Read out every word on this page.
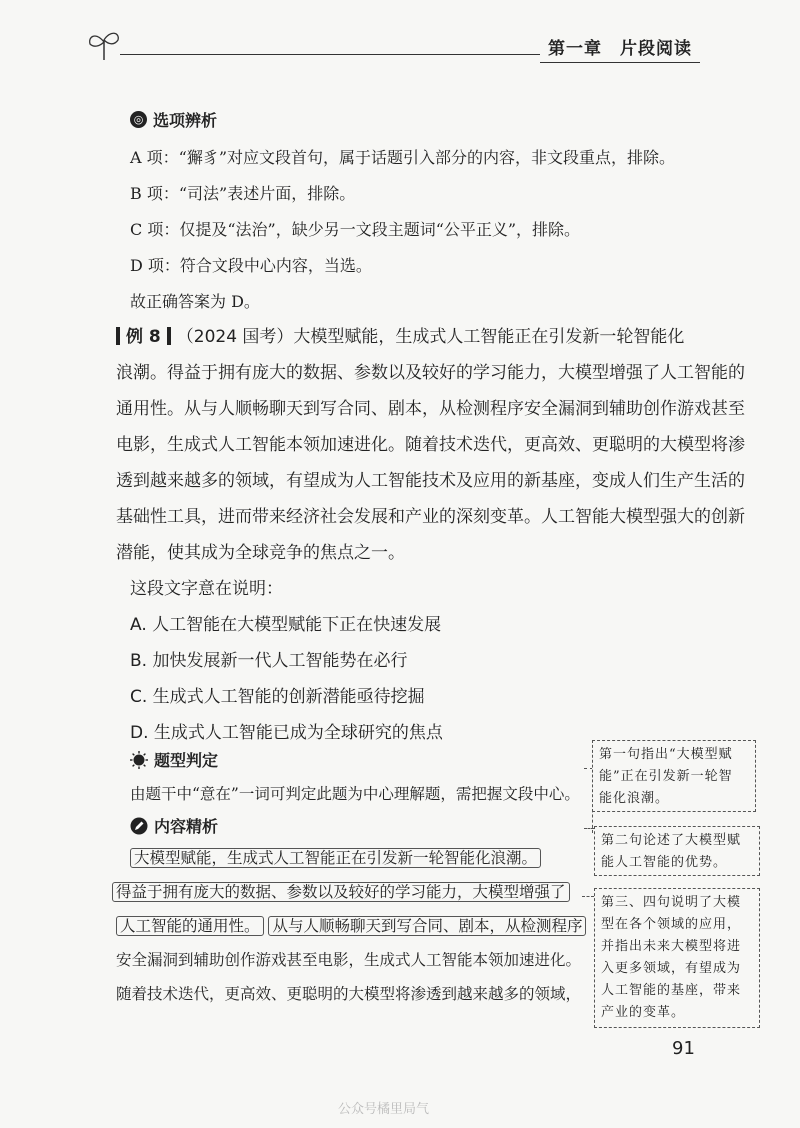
第一章 片段阅读
◎ 选项辨析
A 项：“獬豸”对应文段首句，属于话题引入部分的内容，非文段重点，排除。
B 项：“司法”表述片面，排除。
C 项：仅提及“法治”，缺少另一文段主题词“公平正义”，排除。
D 项：符合文段中心内容，当选。
故正确答案为 D。
例 8 （2024 国考）大模型赋能，生成式人工智能正在引发新一轮智能化
浪潮。得益于拥有庞大的数据、参数以及较好的学习能力，大模型增强了人工智能的
通用性。从与人顺畅聊天到写合同、剧本，从检测程序安全漏洞到辅助创作游戏甚至
电影，生成式人工智能本领加速进化。随着技术迭代，更高效、更聪明的大模型将渗
透到越来越多的领域，有望成为人工智能技术及应用的新基座，变成人们生产生活的
基础性工具，进而带来经济社会发展和产业的深刻变革。人工智能大模型强大的创新
潜能，使其成为全球竞争的焦点之一。
这段文字意在说明：
A. 人工智能在大模型赋能下正在快速发展
B. 加快发展新一代人工智能势在必行
C. 生成式人工智能的创新潜能亟待挖掘
D. 生成式人工智能已成为全球研究的焦点
题型判定
由题干中“意在”一词可判定此题为中心理解题，需把握文段中心。
内容精析
大模型赋能，生成式人工智能正在引发新一轮智能化浪潮。
得益于拥有庞大的数据、参数以及较好的学习能力，大模型增强了
人工智能的通用性。 从与人顺畅聊天到写合同、剧本，从检测程序
安全漏洞到辅助创作游戏甚至电影，生成式人工智能本领加速进化。
随着技术迭代，更高效、更聪明的大模型将渗透到越来越多的领域，
第一句指出“大模型赋
能”正在引发新一轮智
能化浪潮。
第二句论述了大模型赋
能人工智能的优势。
第三、四句说明了大模
型在各个领域的应用，
并指出未来大模型将进
入更多领域，有望成为
人工智能的基座，带来
产业的变革。
91
公众号橘里局气
